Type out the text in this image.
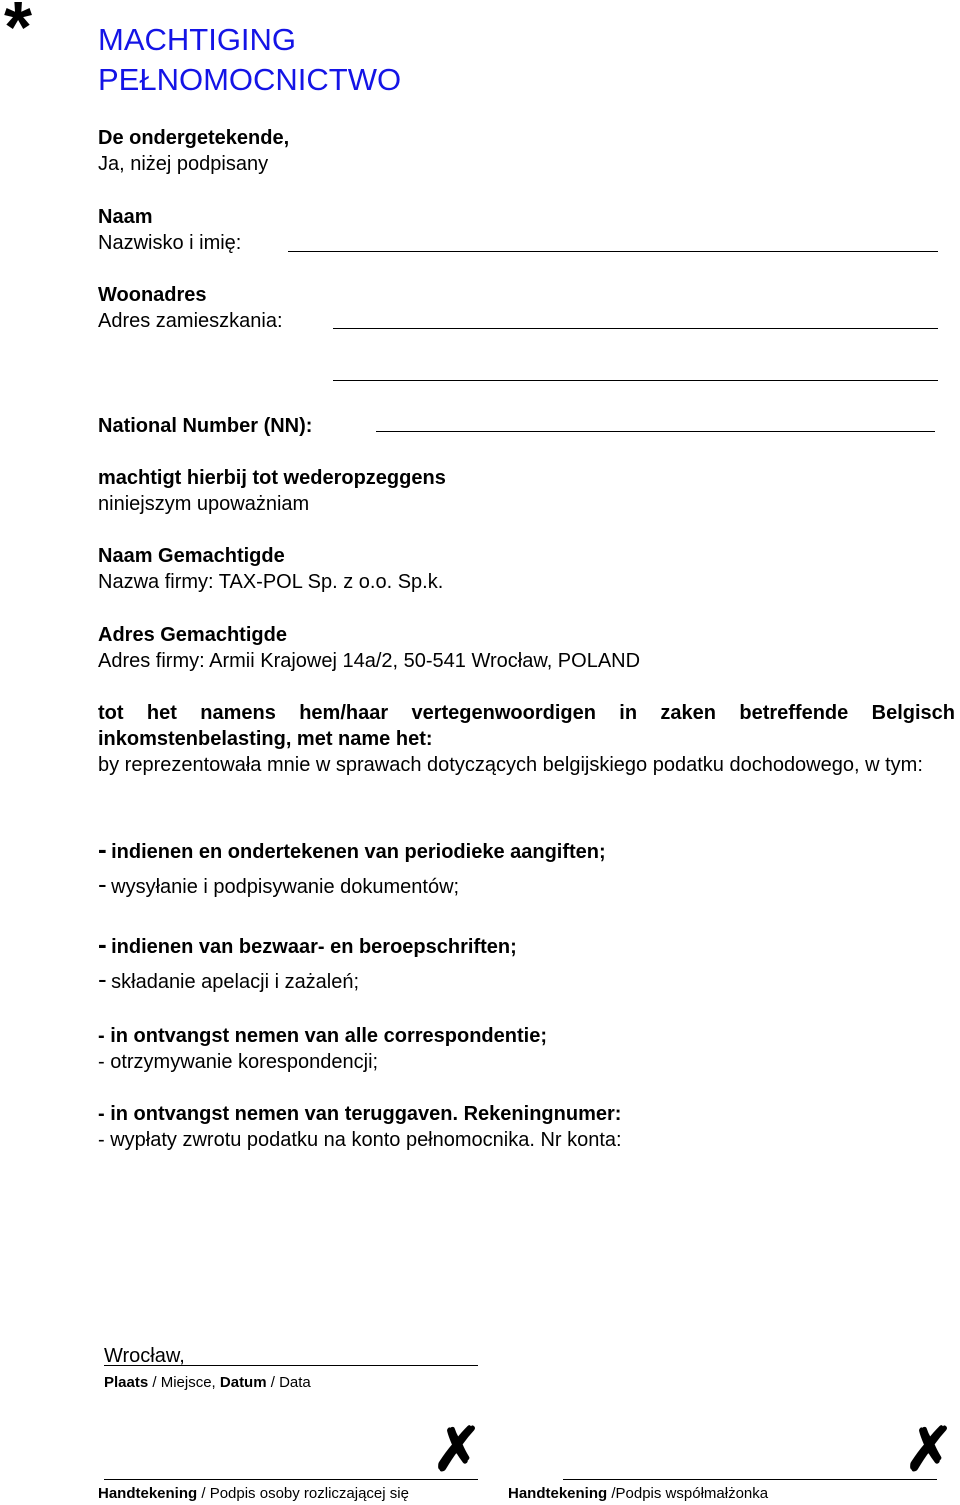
* MACHTIGING
PEŁNOMOCNICTWO
De ondergetekende,
Ja, niżej podpisany
Naam
Nazwisko i imię:
Woonadres
Adres zamieszkania:
National Number (NN):
machtigt hierbij tot wederopzeggens
niniejszym upoważniam
Naam Gemachtigde
Nazwa firmy: TAX-POL Sp. z o.o. Sp.k.
Adres Gemachtigde
Adres firmy: Armii Krajowej 14a/2, 50-541 Wrocław, POLAND
tot het namens hem/haar vertegenwoordigen in zaken betreffende Belgisch inkomstenbelasting, met name het:
by reprezentowała mnie w sprawach dotyczących belgijskiego podatku dochodowego, w tym:
- indienen en ondertekenen van periodieke aangiften;
- wysyłanie i podpisywanie dokumentów;
- indienen van bezwaar- en beroepschriften;
- składanie apelacji i zażaleń;
- in ontvangst nemen van alle correspondentie;
- otrzymywanie korespondencji;
- in ontvangst nemen van teruggaven. Rekeningnumer:
- wypłaty zwrotu podatku na konto pełnomocnika. Nr konta:
Wrocław,
Plaats / Miejsce, Datum / Data
✗
Handtekening / Podpis osoby rozliczającej się
✗
Handtekening /Podpis współmałżonka
